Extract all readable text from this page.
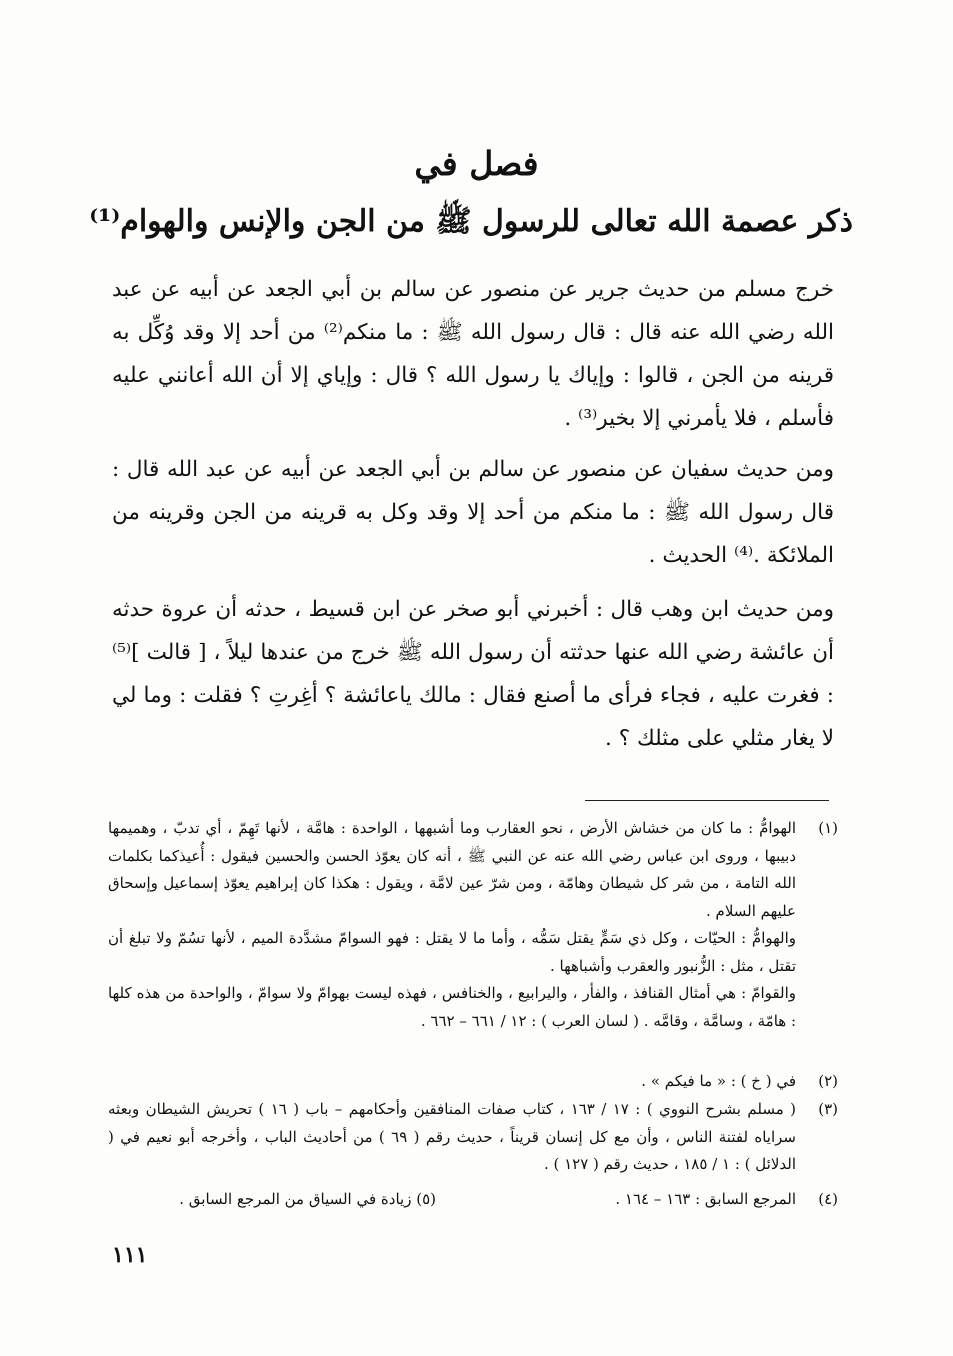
فصل في
ذكر عصمة الله تعالى للرسول ﷺ من الجن والإنس والهوام⁽¹⁾
خرج مسلم من حديث جرير عن منصور عن سالم بن أبي الجعد عن أبيه عن عبد الله رضي الله عنه قال : قال رسول الله ﷺ : ما منكم⁽²⁾ من أحد إلا وقد وُكِّل به قرينه من الجن ، قالوا : وإياك يا رسول الله ؟ قال : وإياي إلا أن الله أعانني عليه فأسلم ، فلا يأمرني إلا بخير⁽³⁾ .
ومن حديث سفيان عن منصور عن سالم بن أبي الجعد عن أبيه عن عبد الله قال : قال رسول الله ﷺ : ما منكم من أحد إلا وقد وكل به قرينه من الجن وقرينه من الملائكة .⁽⁴⁾ الحديث .
ومن حديث ابن وهب قال : أخبرني أبو صخر عن ابن قسيط ، حدثه أن عروة حدثه أن عائشة رضي الله عنها حدثته أن رسول الله ﷺ خرج من عندها ليلاً ، [ قالت ]⁽⁵⁾ : فغرت عليه ، فجاء فرأى ما أصنع فقال : مالك ياعائشة ؟ أغِرتِ ؟ فقلت : وما لي لا يغار مثلي على مثلك ؟ .
(١)
الهوامُّ : ما كان من خشاش الأرض ، نحو العقارب وما أشبهها ، الواحدة : هامَّة ، لأنها تَهِمّ ، أي تدبّ ، وهميمها دبيبها ، وروى ابن عباس رضي الله عنه عن النبي ﷺ ، أنه كان يعوّذ الحسن والحسين فيقول : أُعيذكما بكلمات الله التامة ، من شر كل شيطان وهامّة ، ومن شرّ عين لامَّة ، ويقول : هكذا كان إبراهيم يعوّذ إسماعيل وإسحاق عليهم السلام .
والهوامُّ : الحيّات ، وكل ذي سَمٍّ يقتل سَمُّه ، وأما ما لا يقتل : فهو السوامّ مشدَّدة الميم ، لأنها تسُمّ ولا تبلغ أن تقتل ، مثل : الزُّنبور والعقرب وأشباهها .
والقوامّ : هي أمثال القنافذ ، والفأر ، واليرابيع ، والخنافس ، فهذه ليست بهوامّ ولا سوامّ ، والواحدة من هذه كلها : هامّة ، وسامَّة ، وقامَّه . ( لسان العرب ) : ١٢ / ٦٦١ – ٦٦٢ .
(٢)
في ( خ ) : « ما فيكم » .
(٣)
( مسلم بشرح النووي ) : ١٧ / ١٦٣ ، كتاب صفات المنافقين وأحكامهم – باب ( ١٦ ) تحريش الشيطان وبعثه سراياه لفتنة الناس ، وأن مع كل إنسان قريناً ، حديث رقم ( ٦٩ ) من أحاديث الباب ، وأخرجه أبو نعيم في ( الدلائل ) : ١ / ١٨٥ ، حديث رقم ( ١٢٧ ) .
(٤)
المرجع السابق : ١٦٣ – ١٦٤ .
(٥) زيادة في السياق من المرجع السابق .
١١١
